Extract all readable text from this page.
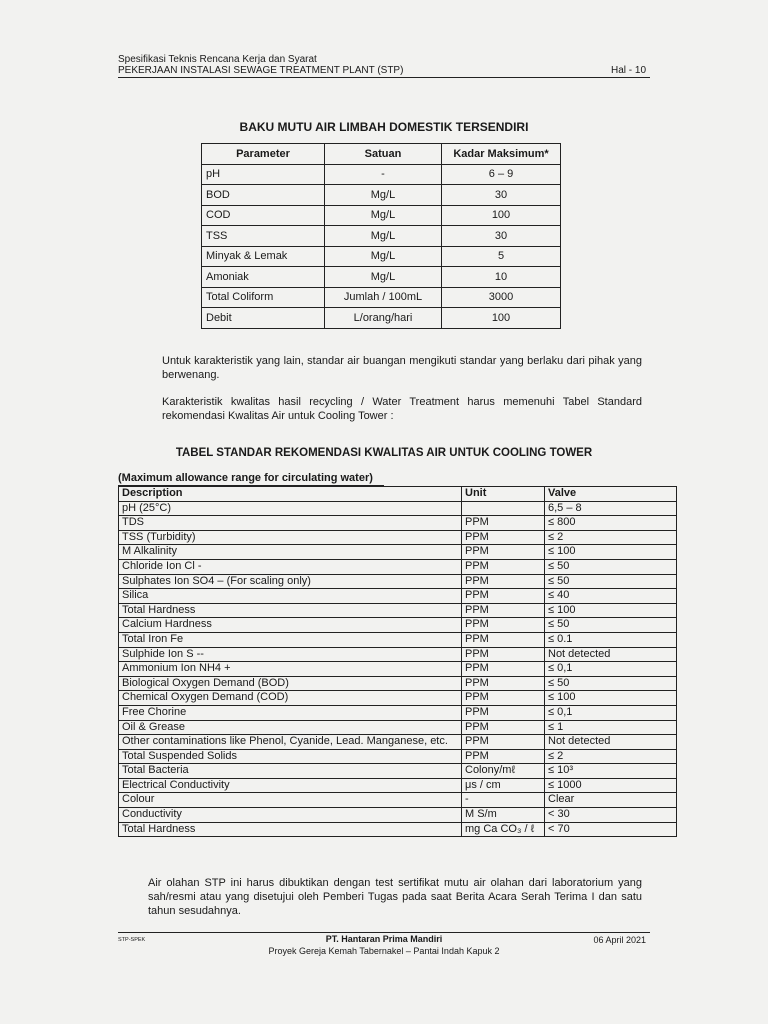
Spesifikasi Teknis Rencana Kerja dan Syarat
PEKERJAAN INSTALASI SEWAGE TREATMENT PLANT (STP)	Hal - 10
BAKU MUTU AIR LIMBAH DOMESTIK TERSENDIRI
Parameter	Satuan	Kadar Maksimum*
pH	-	6 – 9
BOD	Mg/L	30
COD	Mg/L	100
TSS	Mg/L	30
Minyak & Lemak	Mg/L	5
Amoniak	Mg/L	10
Total Coliform	Jumlah / 100mL	3000
Debit	L/orang/hari	100
Untuk karakteristik yang lain, standar air buangan mengikuti standar yang berlaku dari pihak yang berwenang.
Karakteristik kwalitas hasil recycling / Water Treatment harus memenuhi Tabel Standard rekomendasi Kwalitas Air untuk Cooling Tower :
TABEL STANDAR REKOMENDASI KWALITAS AIR UNTUK COOLING TOWER
(Maximum allowance range for circulating water)
Description	Unit	Valve
pH (25°C)		6,5 – 8
TDS	PPM	≤ 800
TSS (Turbidity)	PPM	≤ 2
M Alkalinity	PPM	≤ 100
Chloride Ion Cl -	PPM	≤ 50
Sulphates Ion SO4 – (For scaling only)	PPM	≤ 50
Silica	PPM	≤ 40
Total Hardness	PPM	≤ 100
Calcium Hardness	PPM	≤ 50
Total Iron Fe	PPM	≤ 0.1
Sulphide Ion S --	PPM	Not detected
Ammonium Ion NH4 +	PPM	≤ 0,1
Biological Oxygen Demand (BOD)	PPM	≤ 50
Chemical Oxygen Demand (COD)	PPM	≤ 100
Free Chorine	PPM	≤ 0,1
Oil & Grease	PPM	≤ 1
Other contaminations like Phenol, Cyanide, Lead. Manganese, etc.	PPM	Not detected
Total Suspended Solids	PPM	≤ 2
Total Bacteria	Colony/mℓ	≤ 10³
Electrical Conductivity	μs / cm	≤ 1000
Colour	-	Clear
Conductivity	M S/m	< 30
Total Hardness	mg Ca CO₃ / ℓ	< 70
Air olahan STP ini harus dibuktikan dengan test sertifikat mutu air olahan dari laboratorium yang sah/resmi atau yang disetujui oleh Pemberi Tugas pada saat Berita Acara Serah Terima I dan satu tahun sesudahnya.
STP-SPEK	PT. Hantaran Prima Mandiri
Proyek Gereja Kemah Tabernakel – Pantai Indah Kapuk 2
06 April 2021
